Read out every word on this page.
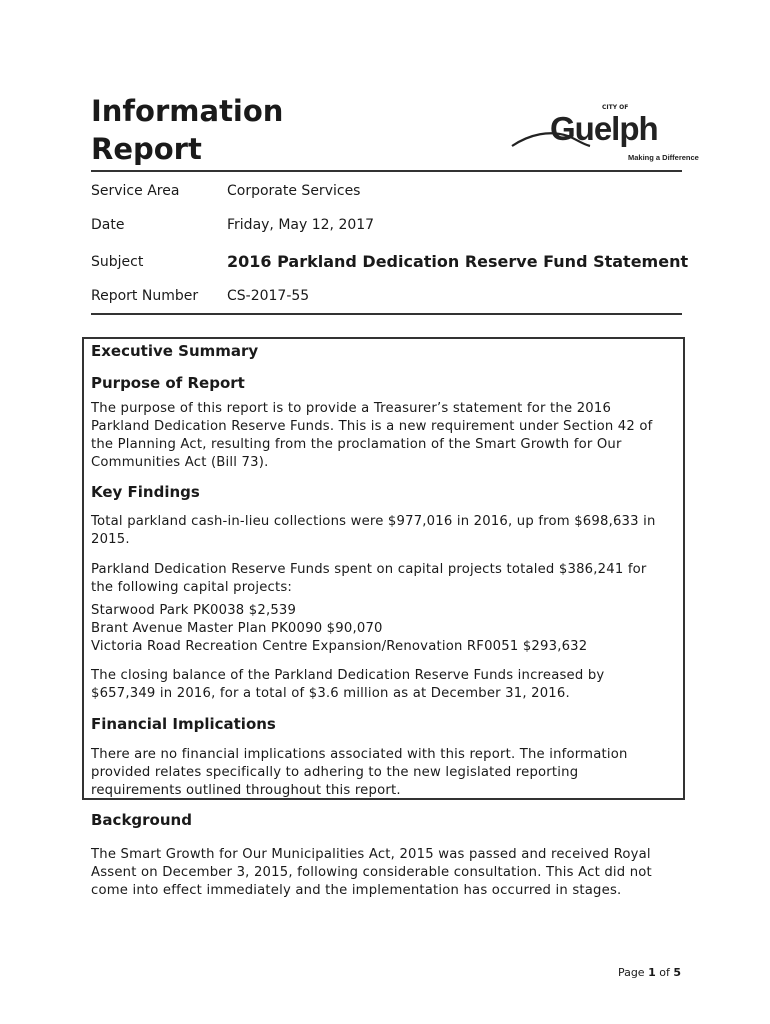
Information
Report
CITY OF
Guelph
Making a Difference
Service Area	Corporate Services
Date	Friday, May 12, 2017
Subject	2016 Parkland Dedication Reserve Fund Statement
Report Number CS-2017-55
Executive Summary
Purpose of Report
The purpose of this report is to provide a Treasurer’s statement for the 2016
Parkland Dedication Reserve Funds. This is a new requirement under Section 42 of
the Planning Act, resulting from the proclamation of the Smart Growth for Our
Communities Act (Bill 73).
Key Findings
Total parkland cash-in-lieu collections were $977,016 in 2016, up from $698,633 in
2015.
Parkland Dedication Reserve Funds spent on capital projects totaled $386,241 for
the following capital projects:
Starwood Park PK0038 $2,539
Brant Avenue Master Plan PK0090 $90,070
Victoria Road Recreation Centre Expansion/Renovation RF0051 $293,632
The closing balance of the Parkland Dedication Reserve Funds increased by
$657,349 in 2016, for a total of $3.6 million as at December 31, 2016.
Financial Implications
There are no financial implications associated with this report. The information
provided relates specifically to adhering to the new legislated reporting
requirements outlined throughout this report.
Background
The Smart Growth for Our Municipalities Act, 2015 was passed and received Royal
Assent on December 3, 2015, following considerable consultation. This Act did not
come into effect immediately and the implementation has occurred in stages.
Page 1 of 5
